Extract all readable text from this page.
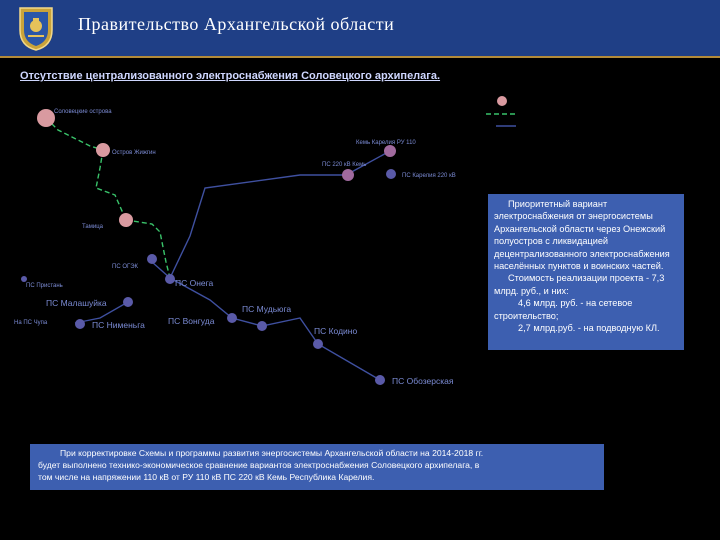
Правительство Архангельской области
Отсутствие централизованного электроснабжения Соловецкого архипелага.
Соловецкие острова
Остров Жижгин
Тамица
ПС ОГЭК
ПС Онега
ПС Пристань
ПС Малашуйка
ПС Нименьга	ПС Вонгуда
ПС Мудьюга
ПС Кодино
ПС Обозерская
Кемь Карелия РУ 110
ПС 220 кВ Кемь
ПС Карелия 220 кВ
На ПС Чупа

Приоритетный вариант электроснабжения от энергосистемы Архангельской области через Онежский полуостров с ликвидацией децентрализованного электроснабжения населённых пунктов и воинских частей.

Стоимость реализации проекта - 7,3 млрд. руб., и них:

4,6 млрд. руб. - на сетевое строительство;

2,7 млрд.руб. - на подводную КЛ.

При корректировке Схемы и программы развития энергосистемы Архангельской области на 2014-2018 гг.
будет выполнено технико-экономическое сравнение вариантов электроснабжения Соловецкого архипелага, в
том числе на напряжении 110 кВ от РУ 110 кВ ПС 220 кВ Кемь Республика Карелия.
